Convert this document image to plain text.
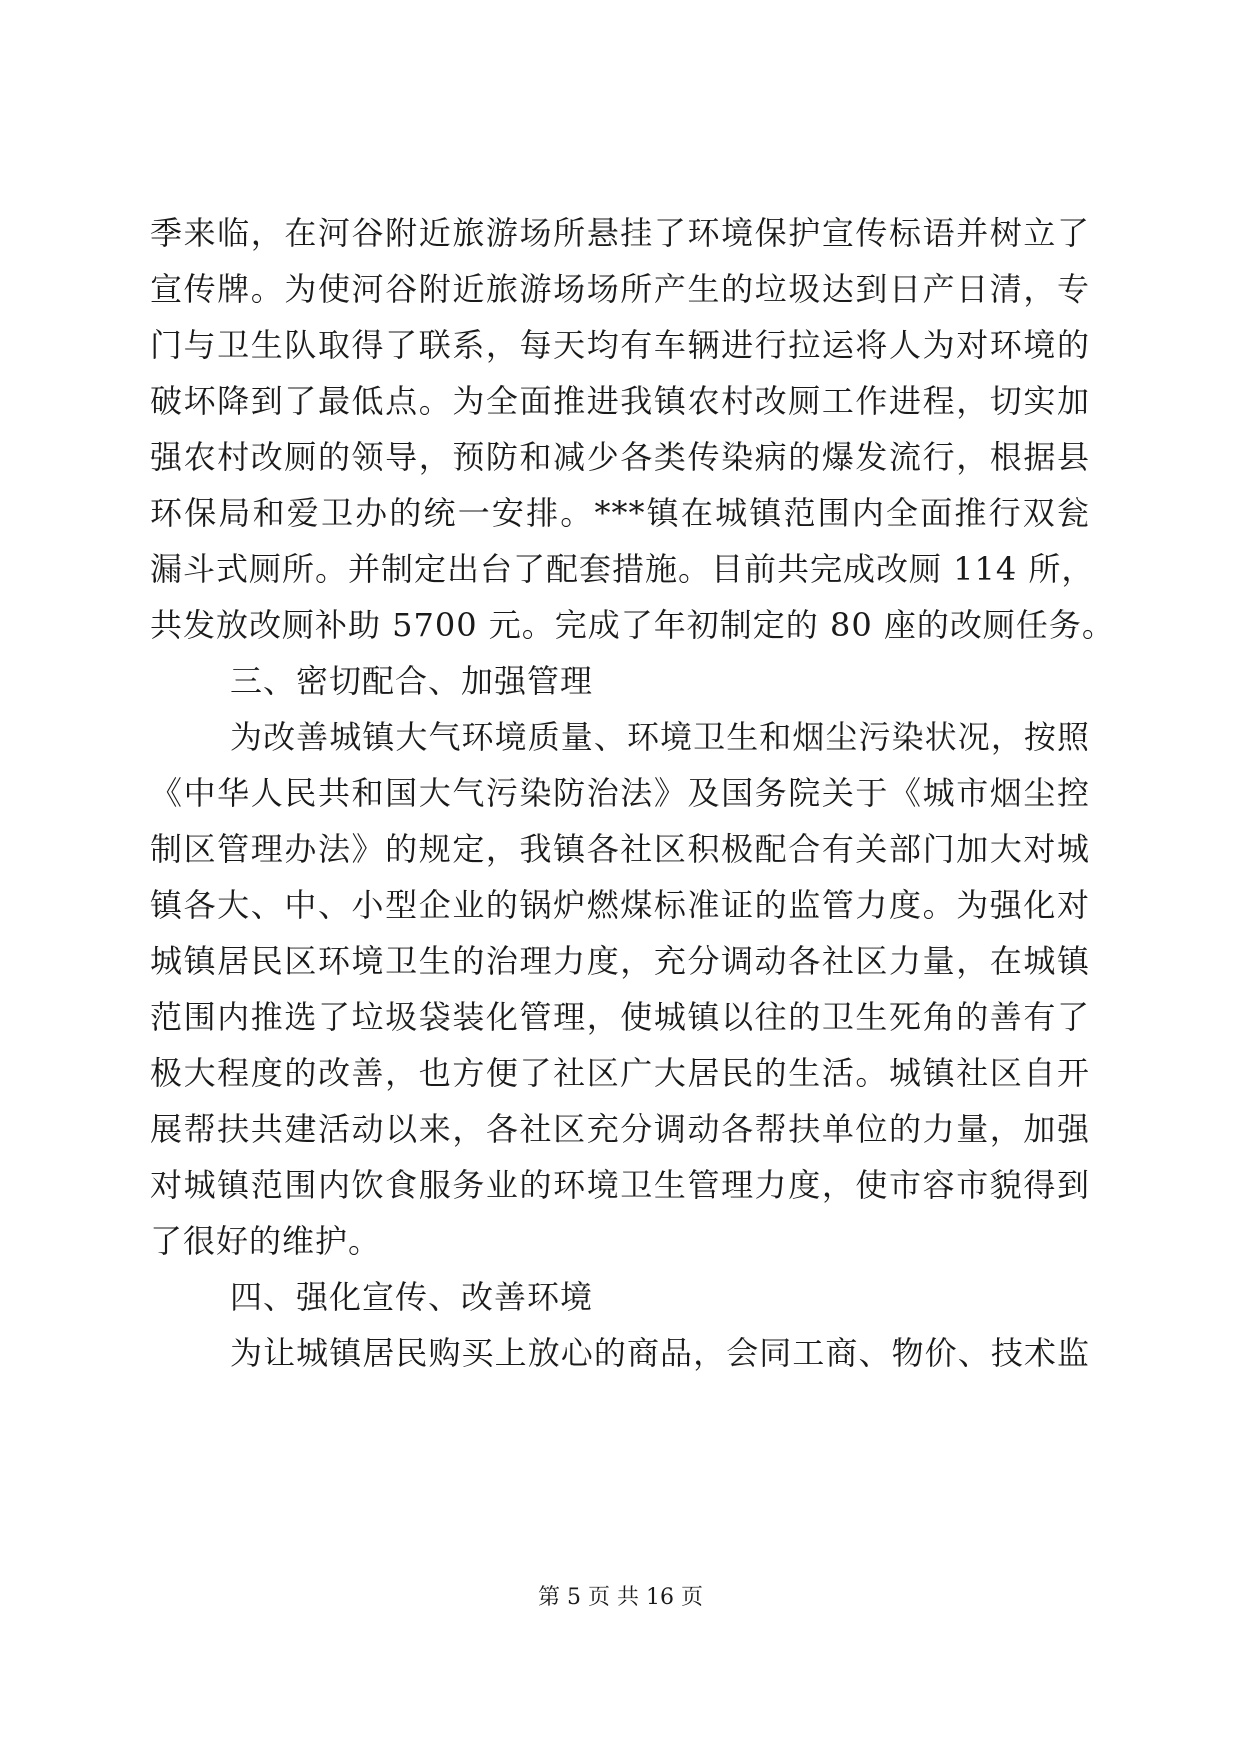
季来临，在河谷附近旅游场所悬挂了环境保护宣传标语并树立了
宣传牌。为使河谷附近旅游场场所产生的垃圾达到日产日清，专
门与卫生队取得了联系，每天均有车辆进行拉运将人为对环境的
破坏降到了最低点。为全面推进我镇农村改厕工作进程，切实加
强农村改厕的领导，预防和减少各类传染病的爆发流行，根据县
环保局和爱卫办的统一安排。***镇在城镇范围内全面推行双瓮
漏斗式厕所。并制定出台了配套措施。目前共完成改厕 114 所，
共发放改厕补助 5700 元。完成了年初制定的 80 座的改厕任务。
三、密切配合、加强管理
为改善城镇大气环境质量、环境卫生和烟尘污染状况，按照
《中华人民共和国大气污染防治法》及国务院关于《城市烟尘控
制区管理办法》的规定，我镇各社区积极配合有关部门加大对城
镇各大、中、小型企业的锅炉燃煤标准证的监管力度。为强化对
城镇居民区环境卫生的治理力度，充分调动各社区力量，在城镇
范围内推选了垃圾袋装化管理，使城镇以往的卫生死角的善有了
极大程度的改善，也方便了社区广大居民的生活。城镇社区自开
展帮扶共建活动以来，各社区充分调动各帮扶单位的力量，加强
对城镇范围内饮食服务业的环境卫生管理力度，使市容市貌得到
了很好的维护。
四、强化宣传、改善环境
为让城镇居民购买上放心的商品，会同工商、物价、技术监
第 5 页 共 16 页
